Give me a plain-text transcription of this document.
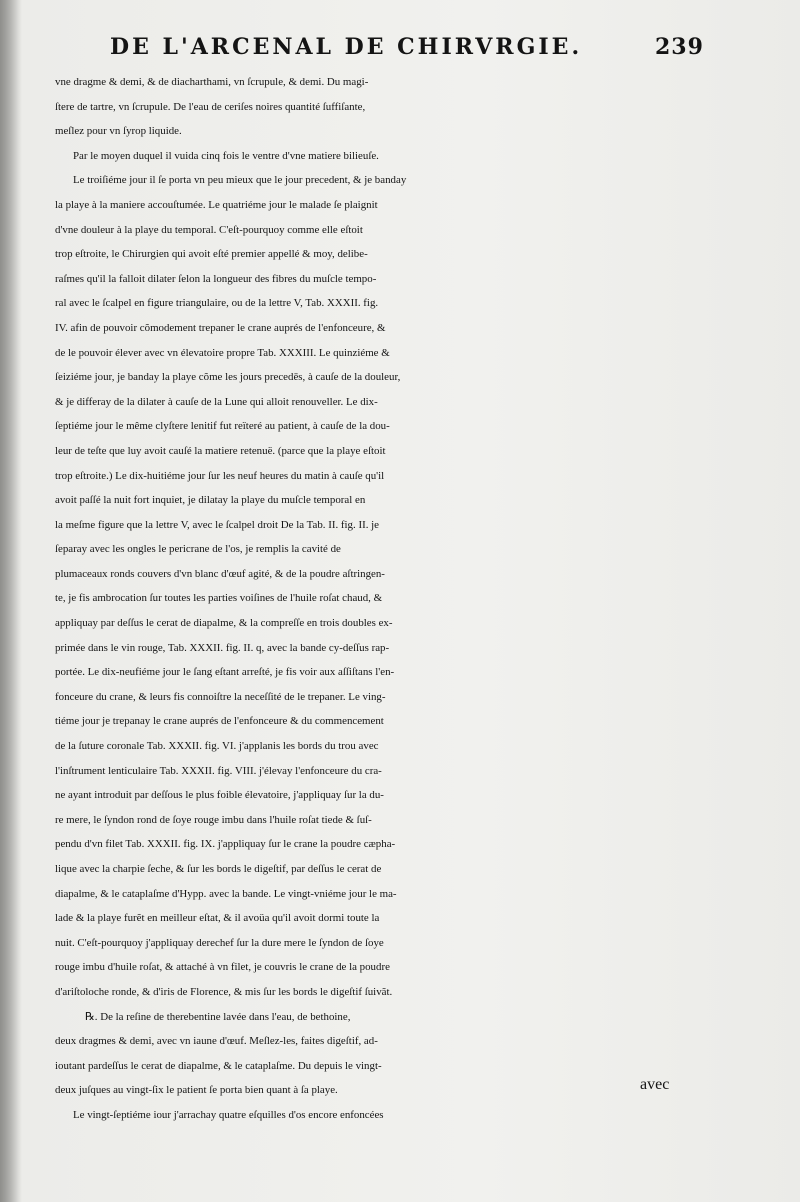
DE L'ARCENAL DE CHIRVRGIE.	239
vne dragme & demi, & de diacharthami, vn ſcrupule, & demi. Du magi-
ſtere de tartre, vn ſcrupule. De l'eau de ceriſes noires quantité ſuffiſante,
meſlez pour vn ſyrop liquide.
Par le moyen duquel il vuida cinq fois le ventre d'vne matiere bilieuſe.
Le troiſiéme jour il ſe porta vn peu mieux que le jour precedent, & je banday
la playe à la maniere accouſtumée. Le quatriéme jour le malade ſe plaignit
d'vne douleur à la playe du temporal. C'eſt-pourquoy comme elle eſtoit
trop eſtroite, le Chirurgien qui avoit eſté premier appellé & moy, delibe-
raſmes qu'il la falloit dilater ſelon la longueur des fibres du muſcle tempo-
ral avec le ſcalpel en figure triangulaire, ou de la lettre V, Tab. XXXII. fig.
IV. afin de pouvoir cõmodement trepaner le crane auprés de l'enfonceure, &
de le pouvoir élever avec vn élevatoire propre Tab. XXXIII. Le quinziéme &
ſeiziéme jour, je banday la playe cõme les jours precedēs, à cauſe de la douleur,
& je differay de la dilater à cauſe de la Lune qui alloit renouveller. Le dix-
ſeptiéme jour le même clyſtere lenitif fut reïteré au patient, à cauſe de la dou-
leur de teſte que luy avoit cauſé la matiere retenuë. (parce que la playe eſtoit
trop eſtroite.) Le dix-huitiéme jour ſur les neuf heures du matin à cauſe qu'il
avoit paſſé la nuit fort inquiet, je dilatay la playe du muſcle temporal en
la meſme figure que la lettre V, avec le ſcalpel droit De la Tab. II. fig. II. je
ſeparay avec les ongles le pericrane de l'os, je remplis la cavité de
plumaceaux ronds couvers d'vn blanc d'œuf agité, & de la poudre aſtringen-
te, je fis ambrocation ſur toutes les parties voiſines de l'huile roſat chaud, &
appliquay par deſſus le cerat de diapalme, & la compreſſe en trois doubles ex-
primée dans le vin rouge, Tab. XXXII. fig. II. q, avec la bande cy-deſſus rap-
portée. Le dix-neufiéme jour le ſang eſtant arreſté, je fis voir aux aſſiſtans l'en-
fonceure du crane, & leurs fis connoiſtre la neceſſité de le trepaner. Le ving-
tiéme jour je trepanay le crane auprés de l'enfonceure & du commencement
de la ſuture coronale Tab. XXXII. fig. VI. j'applanis les bords du trou avec
l'inſtrument lenticulaire Tab. XXXII. fig. VIII. j'élevay l'enfonceure du cra-
ne ayant introduit par deſſous le plus foible élevatoire, j'appliquay ſur la du-
re mere, le ſyndon rond de ſoye rouge imbu dans l'huile roſat tiede & ſuſ-
pendu d'vn filet Tab. XXXII. fig. IX. j'appliquay ſur le crane la poudre cæpha-
lique avec la charpie ſeche, & ſur les bords le digeſtif, par deſſus le cerat de
diapalme, & le cataplaſme d'Hypp. avec la bande. Le vingt-vniéme jour le ma-
lade & la playe furẽt en meilleur eſtat, & il avoüa qu'il avoit dormi toute la
nuit. C'eſt-pourquoy j'appliquay derechef ſur la dure mere le ſyndon de ſoye
rouge imbu d'huile roſat, & attaché à vn filet, je couvris le crane de la poudre
d'ariſtoloche ronde, & d'iris de Florence, & mis ſur les bords le digeſtif ſuivãt.
℞. De la reſine de therebentine lavée dans l'eau, de bethoine,
deux dragmes & demi, avec vn iaune d'œuf. Meſlez-les, faites digeſtif, ad-
ioutant pardeſſus le cerat de diapalme, & le cataplaſme. Du depuis le vingt-
deux juſques au vingt-ſix le patient ſe porta bien quant à ſa playe.
Le vingt-ſeptiéme iour j'arrachay quatre eſquilles d'os encore enfoncées
avec
